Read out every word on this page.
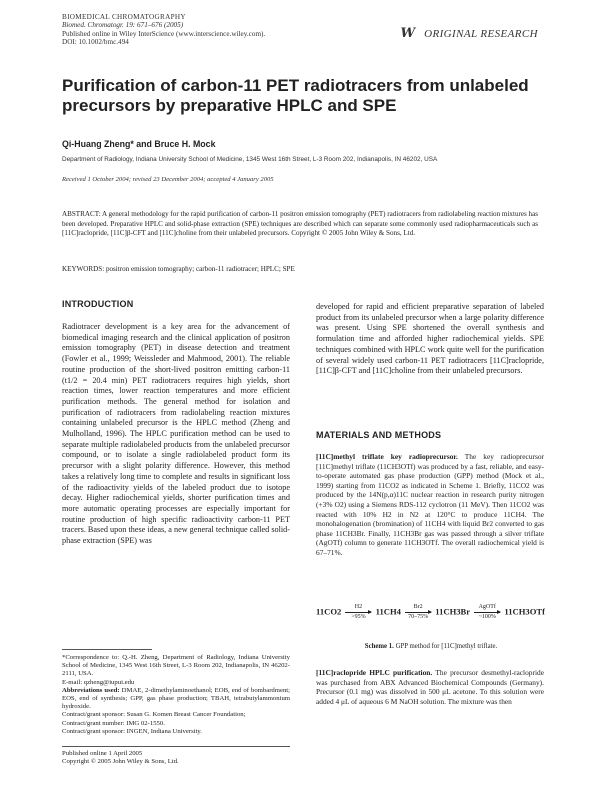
BIOMEDICAL CHROMATOGRAPHY
Biomed. Chromatogr. 19: 671–676 (2005)
Published online in Wiley InterScience (www.interscience.wiley.com).
DOI: 10.1002/bmc.494
W ORIGINAL RESEARCH
Purification of carbon-11 PET radiotracers from unlabeled precursors by preparative HPLC and SPE
Qi-Huang Zheng* and Bruce H. Mock
Department of Radiology, Indiana University School of Medicine, 1345 West 16th Street, L-3 Room 202, Indianapolis, IN 46202, USA
Received 1 October 2004; revised 23 December 2004; accepted 4 January 2005
ABSTRACT: A general methodology for the rapid purification of carbon-11 positron emission tomography (PET) radiotracers from radiolabeling reaction mixtures has been developed. Preparative HPLC and solid-phase extraction (SPE) techniques are described which can separate some commonly used radiopharmaceuticals such as [11C]raclopride, [11C]β-CFT and [11C]choline from their unlabeled precursors. Copyright © 2005 John Wiley & Sons, Ltd.
KEYWORDS: positron emission tomography; carbon-11 radiotracer; HPLC; SPE
INTRODUCTION

Radiotracer development is a key area for the advancement of biomedical imaging research and the clinical application of positron emission tomography (PET) in disease detection and treatment (Fowler et al., 1999; Weissleder and Mahmood, 2001). The reliable routine production of the short-lived positron emitting carbon-11 (t1/2 = 20.4 min) PET radiotracers requires high yields, short reaction times, lower reaction temperatures and more efficient purification methods. The general method for isolation and purification of radiotracers from radiolabeling reaction mixtures containing unlabeled precursor is the HPLC method (Zheng and Mulholland, 1996). The HPLC purification method can be used to separate multiple radiolabeled products from the unlabeled precursor compound, or to isolate a single radiolabeled product form its precursor with a slight polarity difference. However, this method takes a relatively long time to complete and results in significant loss of the radioactivity yields of the labeled product due to isotope decay. Higher radiochemical yields, shorter purification times and more automatic operating processes are especially important for routine production of high specific radioactivity carbon-11 PET tracers. Based upon these ideas, a new general technique called solid-phase extraction (SPE) was

*Correspondence to: Q.-H. Zheng, Department of Radiology, Indiana University School of Medicine, 1345 West 16th Street, L-3 Room 202, Indianapolis, IN 46202-2111, USA.

E-mail: qzheng@iupui.edu

Abbreviations used: DMAE, 2-dimethylaminoethanol; EOB, end of bombardment; EOS, end of synthesis; GPP, gas phase production; TBAH, tetrabutylammonium hydroxide.

Contract/grant sponsor: Susan G. Komen Breast Cancer Foundation;

Contract/grant number: IMG 02-1550.

Contract/grant sponsor: INGEN, Indiana University.

Published online 1 April 2005
Copyright © 2005 John Wiley & Sons, Ltd.

developed for rapid and efficient preparative separation of labeled product from its unlabeled precursor when a large polarity difference was present. Using SPE shortened the overall synthesis and formulation time and afforded higher radiochemical yields. SPE techniques combined with HPLC work quite well for the purification of several widely used carbon-11 PET radiotracers [11C]raclopride, [11C]β-CFT and [11C]choline from their unlabeled precursors.

MATERIALS AND METHODS

[11C]methyl triflate key radioprecursor. The key radioprecursor [11C]methyl triflate (11CH3OTf) was produced by a fast, reliable, and easy-to-operate automated gas phase production (GPP) method (Mock et al., 1999) starting from 11CO2 as indicated in Scheme 1. Briefly, 11CO2 was produced by the 14N(p,α)11C nuclear reaction in research purity nitrogen (+3% O2) using a Siemens RDS-112 cyclotron (11 MeV). Then 11CO2 was reacted with 10% H2 in N2 at 120°C to produce 11CH4. The monohalogenation (bromination) of 11CH4 with liquid Br2 converted to gas phase 11CH3Br. Finally, 11CH3Br gas was passed through a silver triflate (AgOTf) column to generate 11CH3OTf. The overall radiochemical yield is 67–71%.

$11CO2 \frac{H2}{>95\%} 11CH4 \frac{Br2}{70-75\%} 11CH3Br$ AgOTf
~100%
11CH3OTf
Scheme 1. GPP method for [11C]methyl triflate.

[11C]raclopride HPLC purification. The precursor desmethyl-raclopride was purchased from ABX Advanced Biochemical Compounds (Germany). Precursor (0.1 mg) was dissolved in 500 μL acetone. To this solution were added 4 μL of aqueous 6 M NaOH solution. The mixture was then
